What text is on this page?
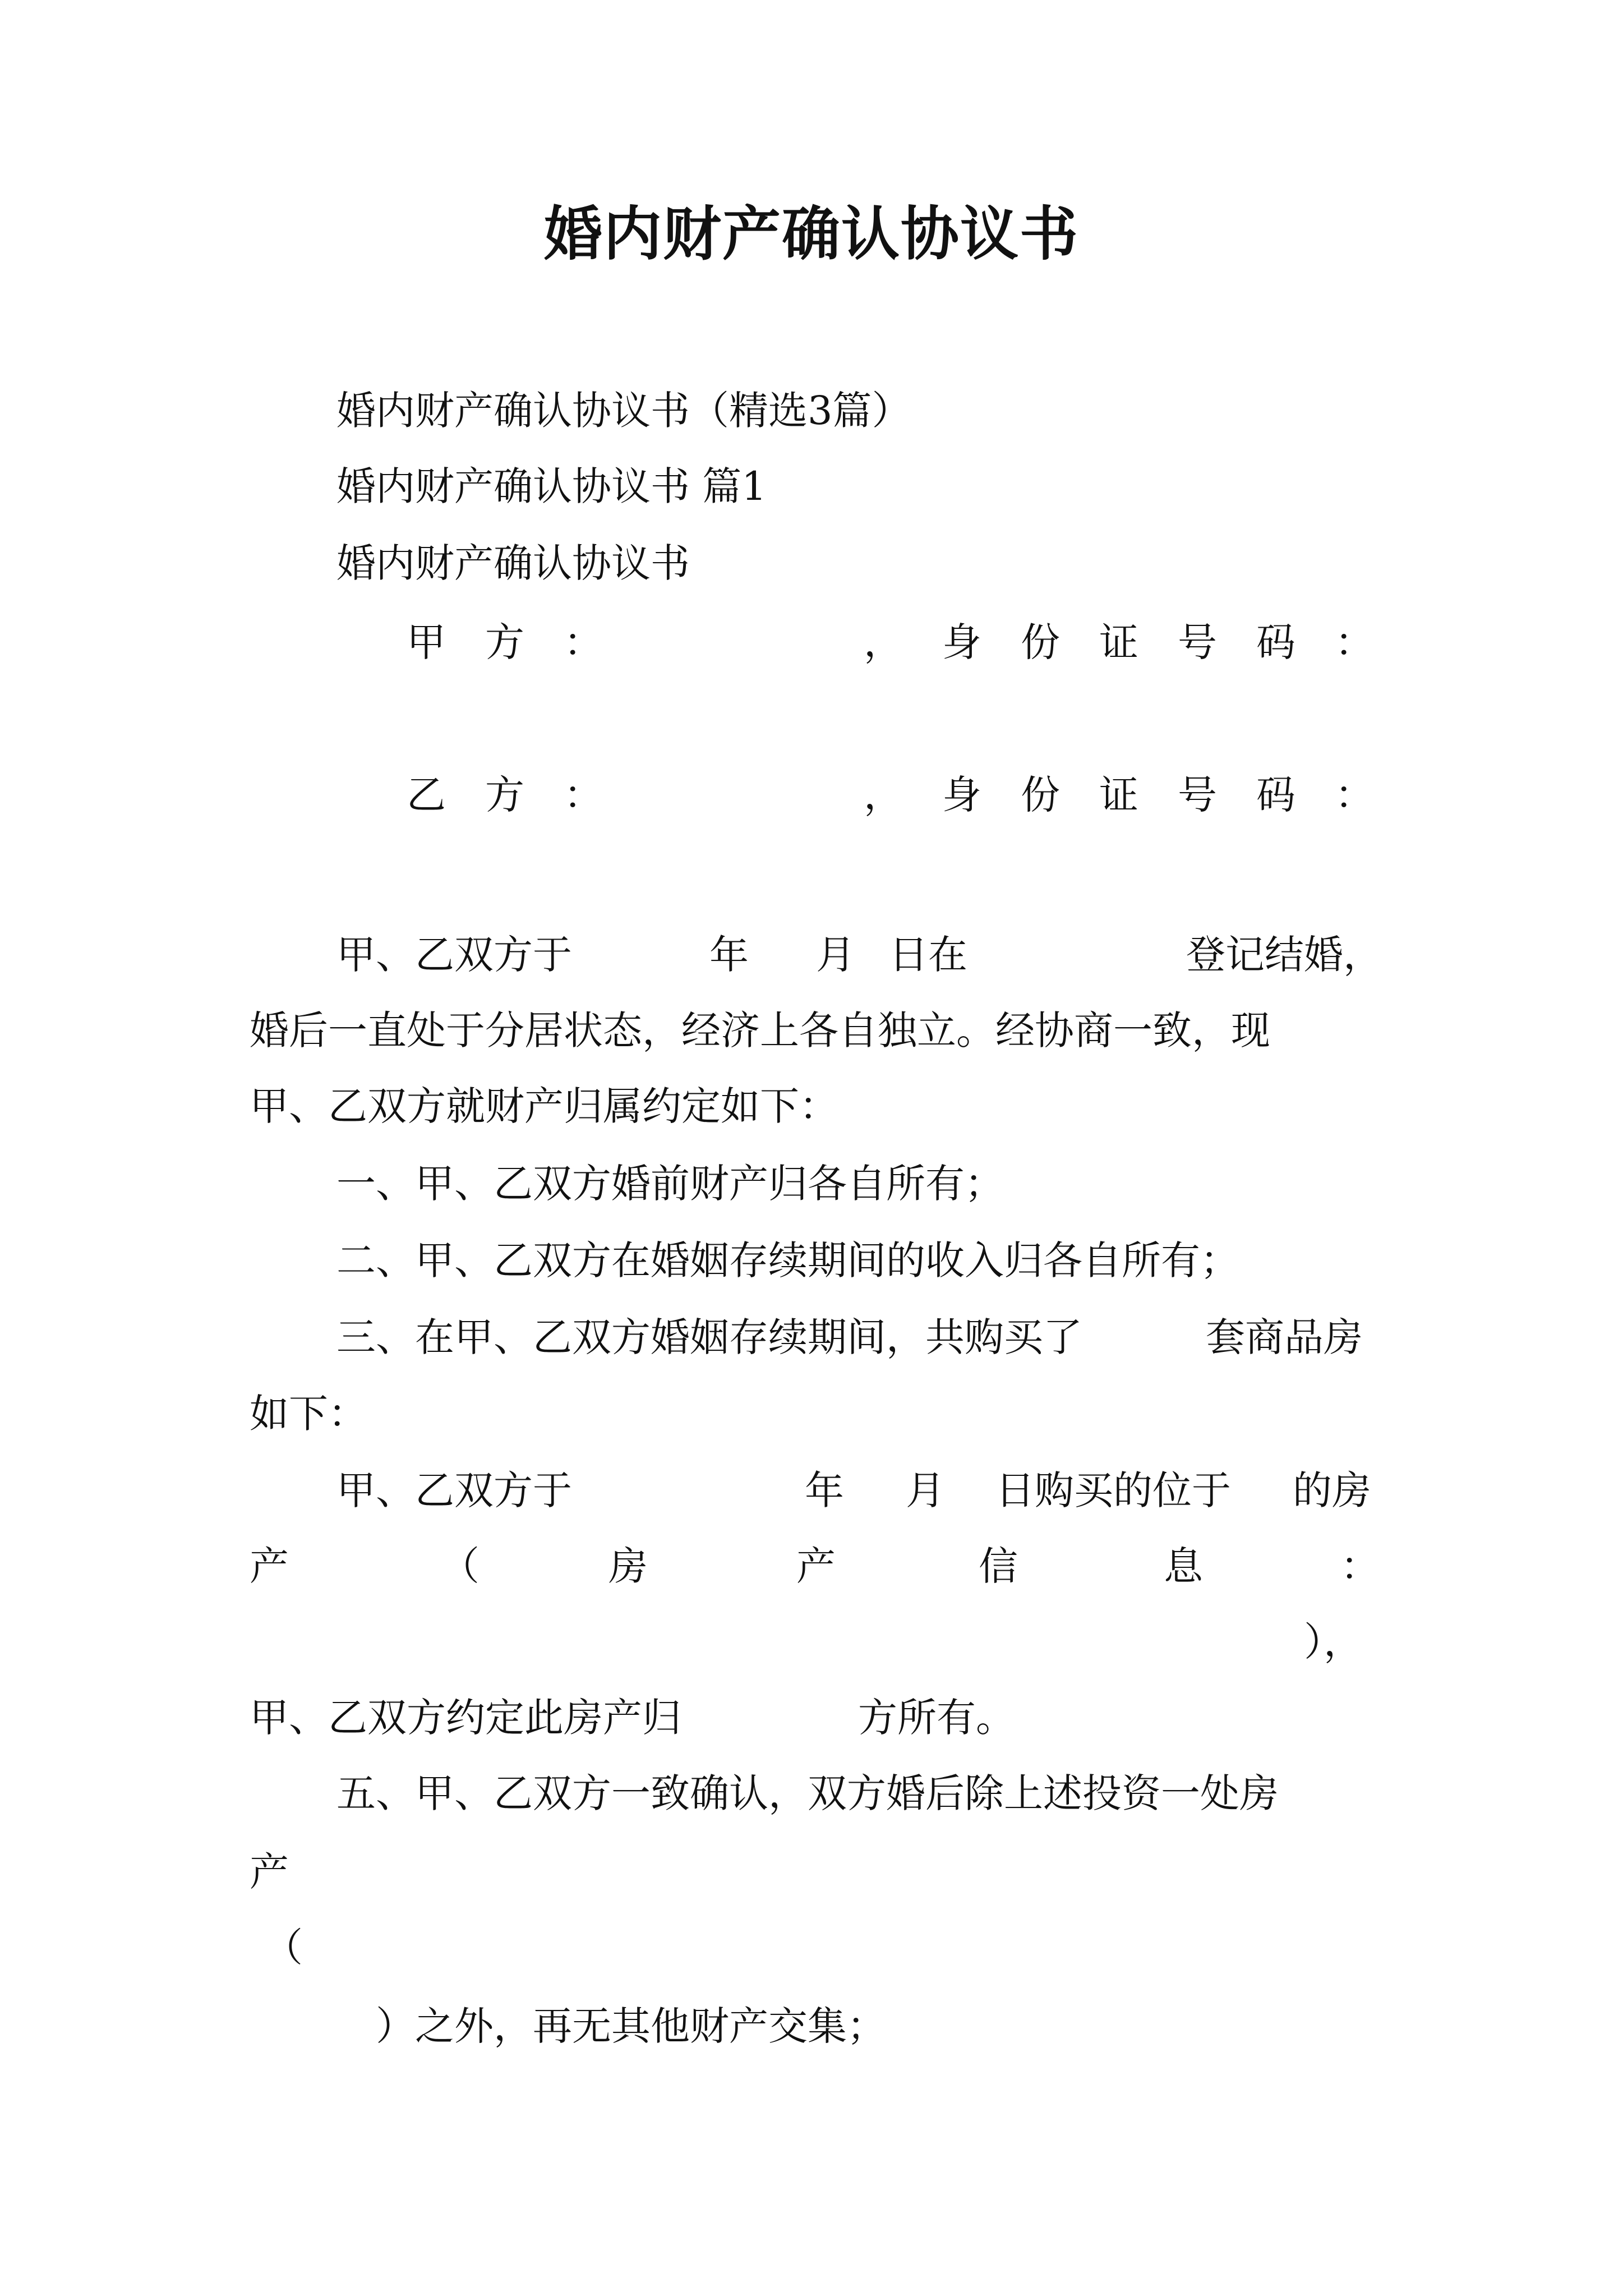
婚内财产确认协议书
婚内财产确认协议书（精选3篇）
婚内财产确认协议书 篇1
婚内财产确认协议书
甲 方 ：	， 身 份 证 号 码 ：
乙 方 ：	， 身 份 证 号 码 ：
甲、乙双方于	年 月 日在	登记结婚，
婚后一直处于分居状态，经济上各自独立。经协商一致，现
甲、乙双方就财产归属约定如下：
一、甲、乙双方婚前财产归各自所有；
二、甲、乙双方在婚姻存续期间的收入归各自所有；
三、在甲、乙双方婚姻存续期间，共购买了	套商品房
如下：
甲、乙双方于	年 月 日购买的位于 的房
产	（	房	产	信	息	：
），
甲、乙双方约定此房产归	方所有。
五、甲、乙双方一致确认，双方婚后除上述投资一处房
产
（
）之外，再无其他财产交集；
